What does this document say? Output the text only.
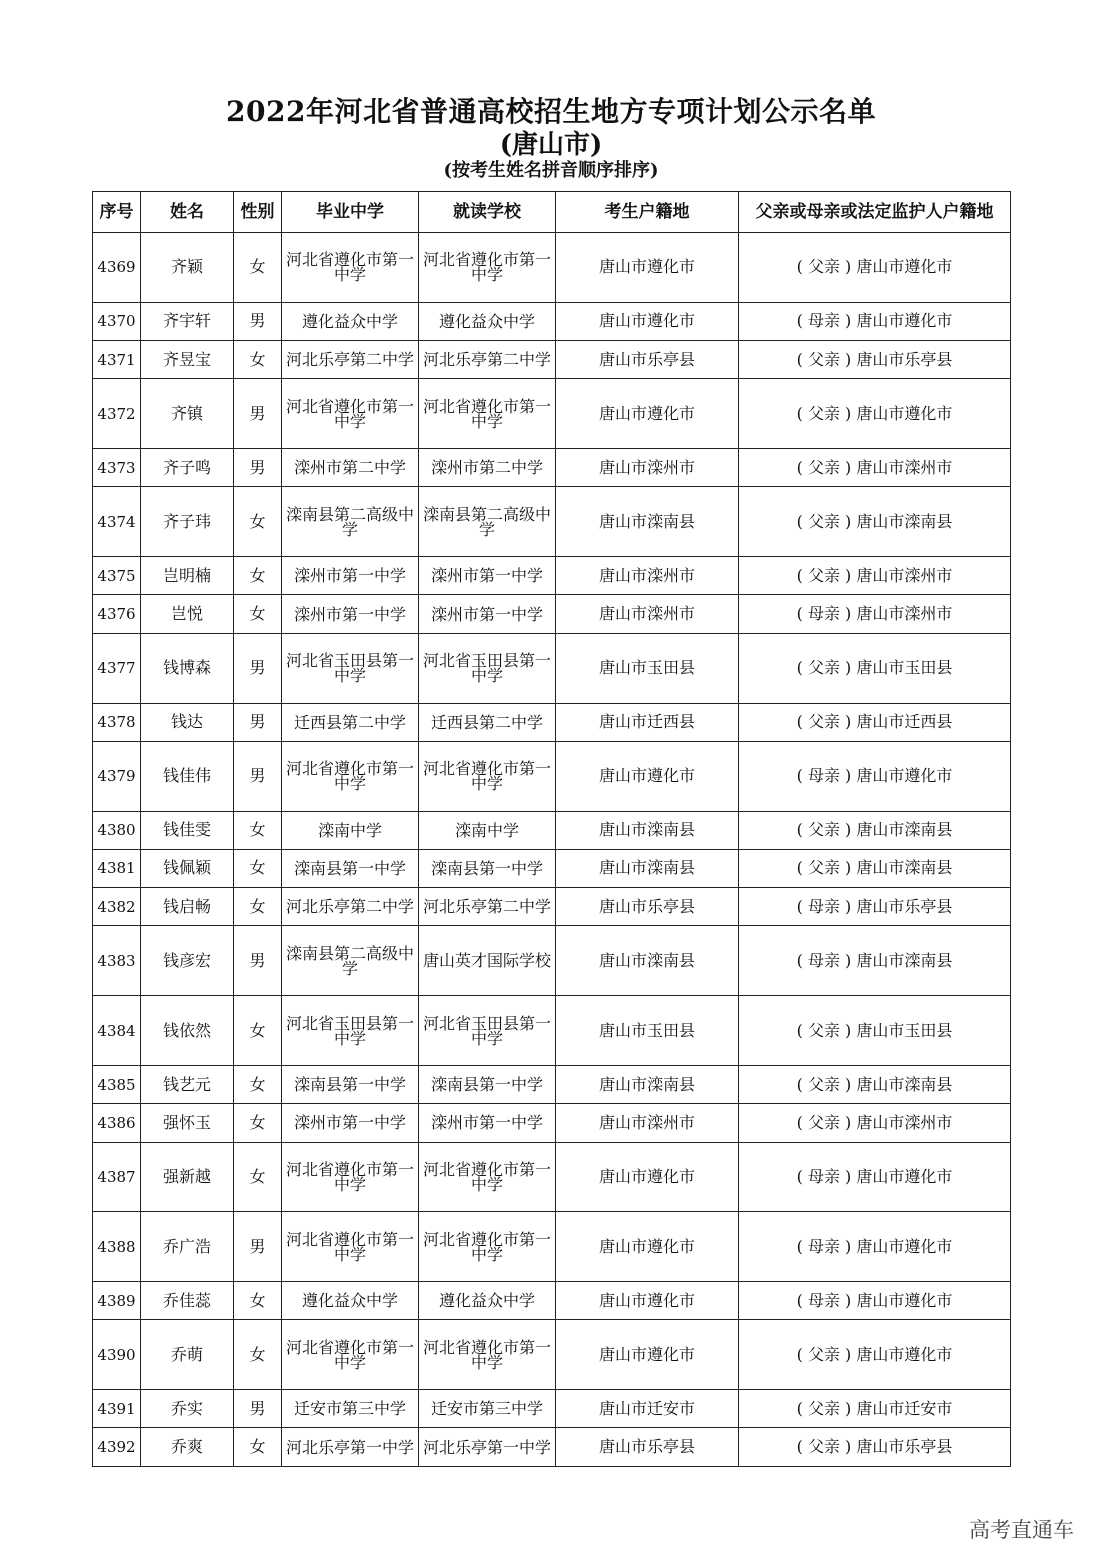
2022年河北省普通高校招生地方专项计划公示名单
(唐山市)
(按考生姓名拼音顺序排序)
序号	姓名	性别	毕业中学	就读学校	考生户籍地	父亲或母亲或法定监护人户籍地
4369	齐颖	女	河北省遵化市第一中学	河北省遵化市第一中学	唐山市遵化市	( 父亲 ) 唐山市遵化市
4370	齐宇轩	男	遵化益众中学	遵化益众中学	唐山市遵化市	( 母亲 ) 唐山市遵化市
4371	齐昱宝	女	河北乐亭第二中学	河北乐亭第二中学	唐山市乐亭县	( 父亲 ) 唐山市乐亭县
4372	齐镇	男	河北省遵化市第一中学	河北省遵化市第一中学	唐山市遵化市	( 父亲 ) 唐山市遵化市
4373	齐子鸣	男	滦州市第二中学	滦州市第二中学	唐山市滦州市	( 父亲 ) 唐山市滦州市
4374	齐子玮	女	滦南县第二高级中学	滦南县第二高级中学	唐山市滦南县	( 父亲 ) 唐山市滦南县
4375	岂明楠	女	滦州市第一中学	滦州市第一中学	唐山市滦州市	( 父亲 ) 唐山市滦州市
4376	岂悦	女	滦州市第一中学	滦州市第一中学	唐山市滦州市	( 母亲 ) 唐山市滦州市
4377	钱博森	男	河北省玉田县第一中学	河北省玉田县第一中学	唐山市玉田县	( 父亲 ) 唐山市玉田县
4378	钱达	男	迁西县第二中学	迁西县第二中学	唐山市迁西县	( 父亲 ) 唐山市迁西县
4379	钱佳伟	男	河北省遵化市第一中学	河北省遵化市第一中学	唐山市遵化市	( 母亲 ) 唐山市遵化市
4380	钱佳雯	女	滦南中学	滦南中学	唐山市滦南县	( 父亲 ) 唐山市滦南县
4381	钱佩颖	女	滦南县第一中学	滦南县第一中学	唐山市滦南县	( 父亲 ) 唐山市滦南县
4382	钱启畅	女	河北乐亭第二中学	河北乐亭第二中学	唐山市乐亭县	( 母亲 ) 唐山市乐亭县
4383	钱彦宏	男	滦南县第二高级中学	唐山英才国际学校	唐山市滦南县	( 母亲 ) 唐山市滦南县
4384	钱依然	女	河北省玉田县第一中学	河北省玉田县第一中学	唐山市玉田县	( 父亲 ) 唐山市玉田县
4385	钱艺元	女	滦南县第一中学	滦南县第一中学	唐山市滦南县	( 父亲 ) 唐山市滦南县
4386	强怀玉	女	滦州市第一中学	滦州市第一中学	唐山市滦州市	( 父亲 ) 唐山市滦州市
4387	强新越	女	河北省遵化市第一中学	河北省遵化市第一中学	唐山市遵化市	( 母亲 ) 唐山市遵化市
4388	乔广浩	男	河北省遵化市第一中学	河北省遵化市第一中学	唐山市遵化市	( 母亲 ) 唐山市遵化市
4389	乔佳蕊	女	遵化益众中学	遵化益众中学	唐山市遵化市	( 母亲 ) 唐山市遵化市
4390	乔萌	女	河北省遵化市第一中学	河北省遵化市第一中学	唐山市遵化市	( 父亲 ) 唐山市遵化市
4391	乔实	男	迁安市第三中学	迁安市第三中学	唐山市迁安市	( 父亲 ) 唐山市迁安市
4392	乔爽	女	河北乐亭第一中学	河北乐亭第一中学	唐山市乐亭县	( 父亲 ) 唐山市乐亭县
高考直通车
